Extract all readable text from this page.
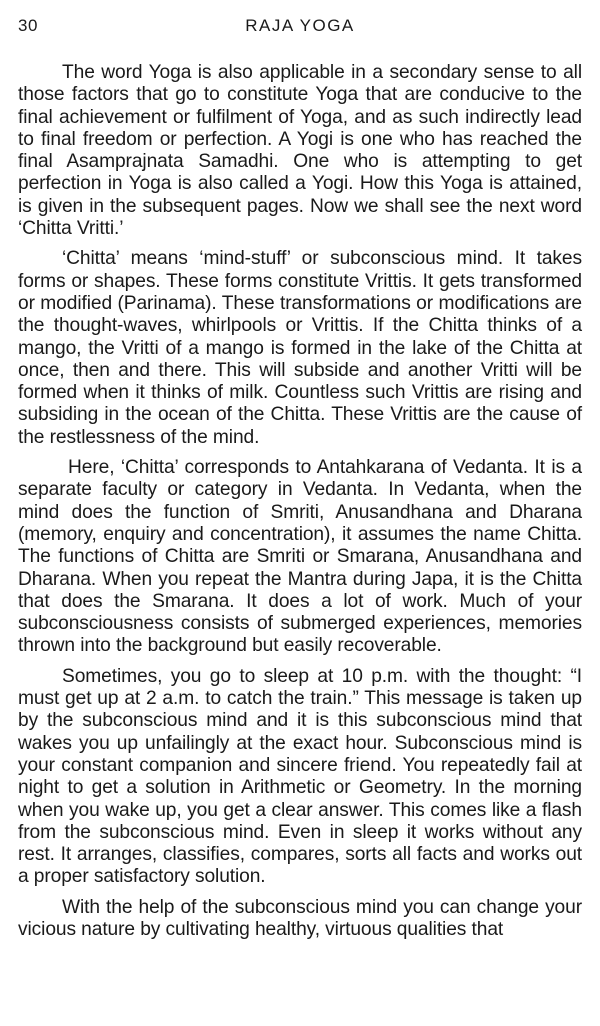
30	RAJA YOGA

The word Yoga is also applicable in a secondary sense to all those factors that go to constitute Yoga that are conducive to the final achievement or fulfilment of Yoga, and as such indirectly lead to final freedom or perfection. A Yogi is one who has reached the final Asamprajnata Samadhi. One who is attempting to get perfection in Yoga is also called a Yogi. How this Yoga is attained, is given in the subsequent pages. Now we shall see the next word ‘Chitta Vritti.’

‘Chitta’ means ‘mind-stuff’ or subconscious mind. It takes forms or shapes. These forms constitute Vrittis. It gets transformed or modified (Parinama). These transformations or modifications are the thought-waves, whirlpools or Vrittis. If the Chitta thinks of a mango, the Vritti of a mango is formed in the lake of the Chitta at once, then and there. This will subside and another Vritti will be formed when it thinks of milk. Countless such Vrittis are rising and subsiding in the ocean of the Chitta. These Vrittis are the cause of the restlessness of the mind.

Here, ‘Chitta’ corresponds to Antahkarana of Vedanta. It is a separate faculty or category in Vedanta. In Vedanta, when the mind does the function of Smriti, Anusandhana and Dharana (memory, enquiry and concentration), it assumes the name Chitta. The functions of Chitta are Smriti or Smarana, Anusandhana and Dharana. When you repeat the Mantra during Japa, it is the Chitta that does the Smarana. It does a lot of work. Much of your subconsciousness consists of submerged experiences, memories thrown into the background but easily recoverable.

Sometimes, you go to sleep at 10 p.m. with the thought: “I must get up at 2 a.m. to catch the train.” This message is taken up by the subconscious mind and it is this subconscious mind that wakes you up unfailingly at the exact hour. Subconscious mind is your constant companion and sincere friend. You repeatedly fail at night to get a solution in Arithmetic or Geometry. In the morning when you wake up, you get a clear answer. This comes like a flash from the subconscious mind. Even in sleep it works without any rest. It arranges, classifies, compares, sorts all facts and works out a proper satisfactory solution.

With the help of the subconscious mind you can change your vicious nature by cultivating healthy, virtuous qualities that
